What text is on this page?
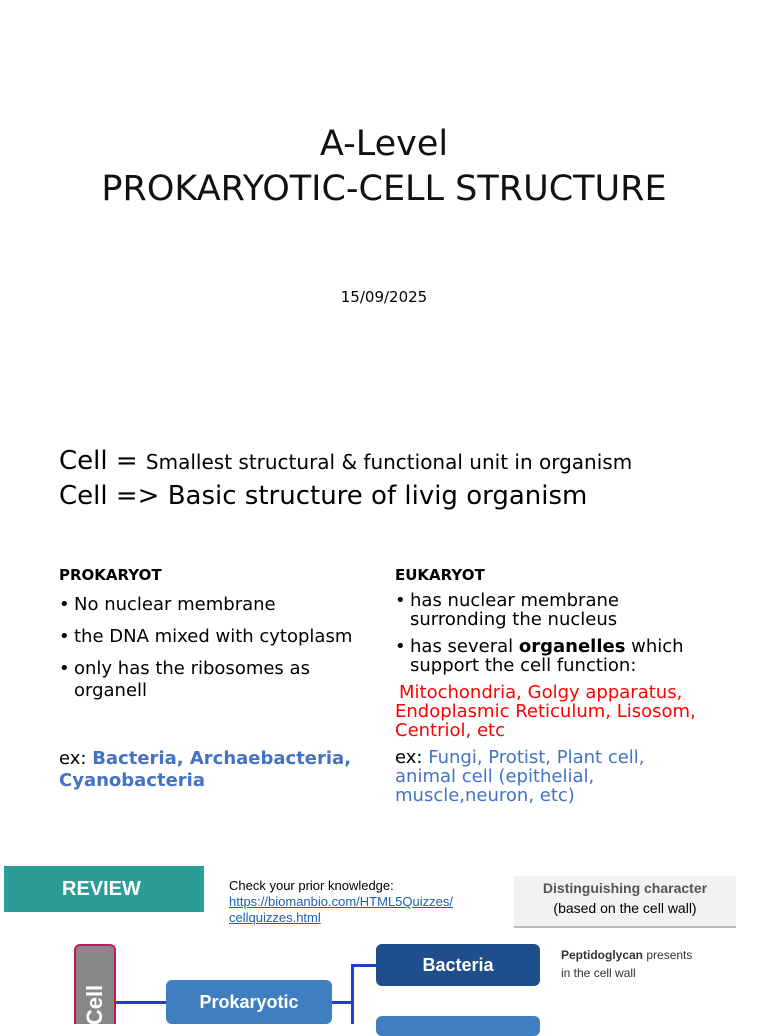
A-Level
PROKARYOTIC-CELL STRUCTURE
15/09/2025
Cell = Smallest structural & functional unit in organism
Cell => Basic structure of livig organism
PROKARYOT
• No nuclear membrane
• the DNA mixed with cytoplasm
• only has the ribosomes as organell
ex: Bacteria, Archaebacteria, Cyanobacteria
EUKARYOT
• has nuclear membrane surronding the nucleus
• has several organelles which support the cell function:
Mitochondria, Golgy apparatus, Endoplasmic Reticulum, Lisosom, Centriol, etc
ex: Fungi, Protist, Plant cell, animal cell (epithelial, muscle,neuron, etc)
REVIEW	Check your prior knowledge:
https://biomanbio.com/HTML5Quizzes/
cellquizzes.html
Distinguishing character
(based on the cell wall)
Cell	Prokaryotic
Bacteria	Peptidoglycan presents
in the cell wall
